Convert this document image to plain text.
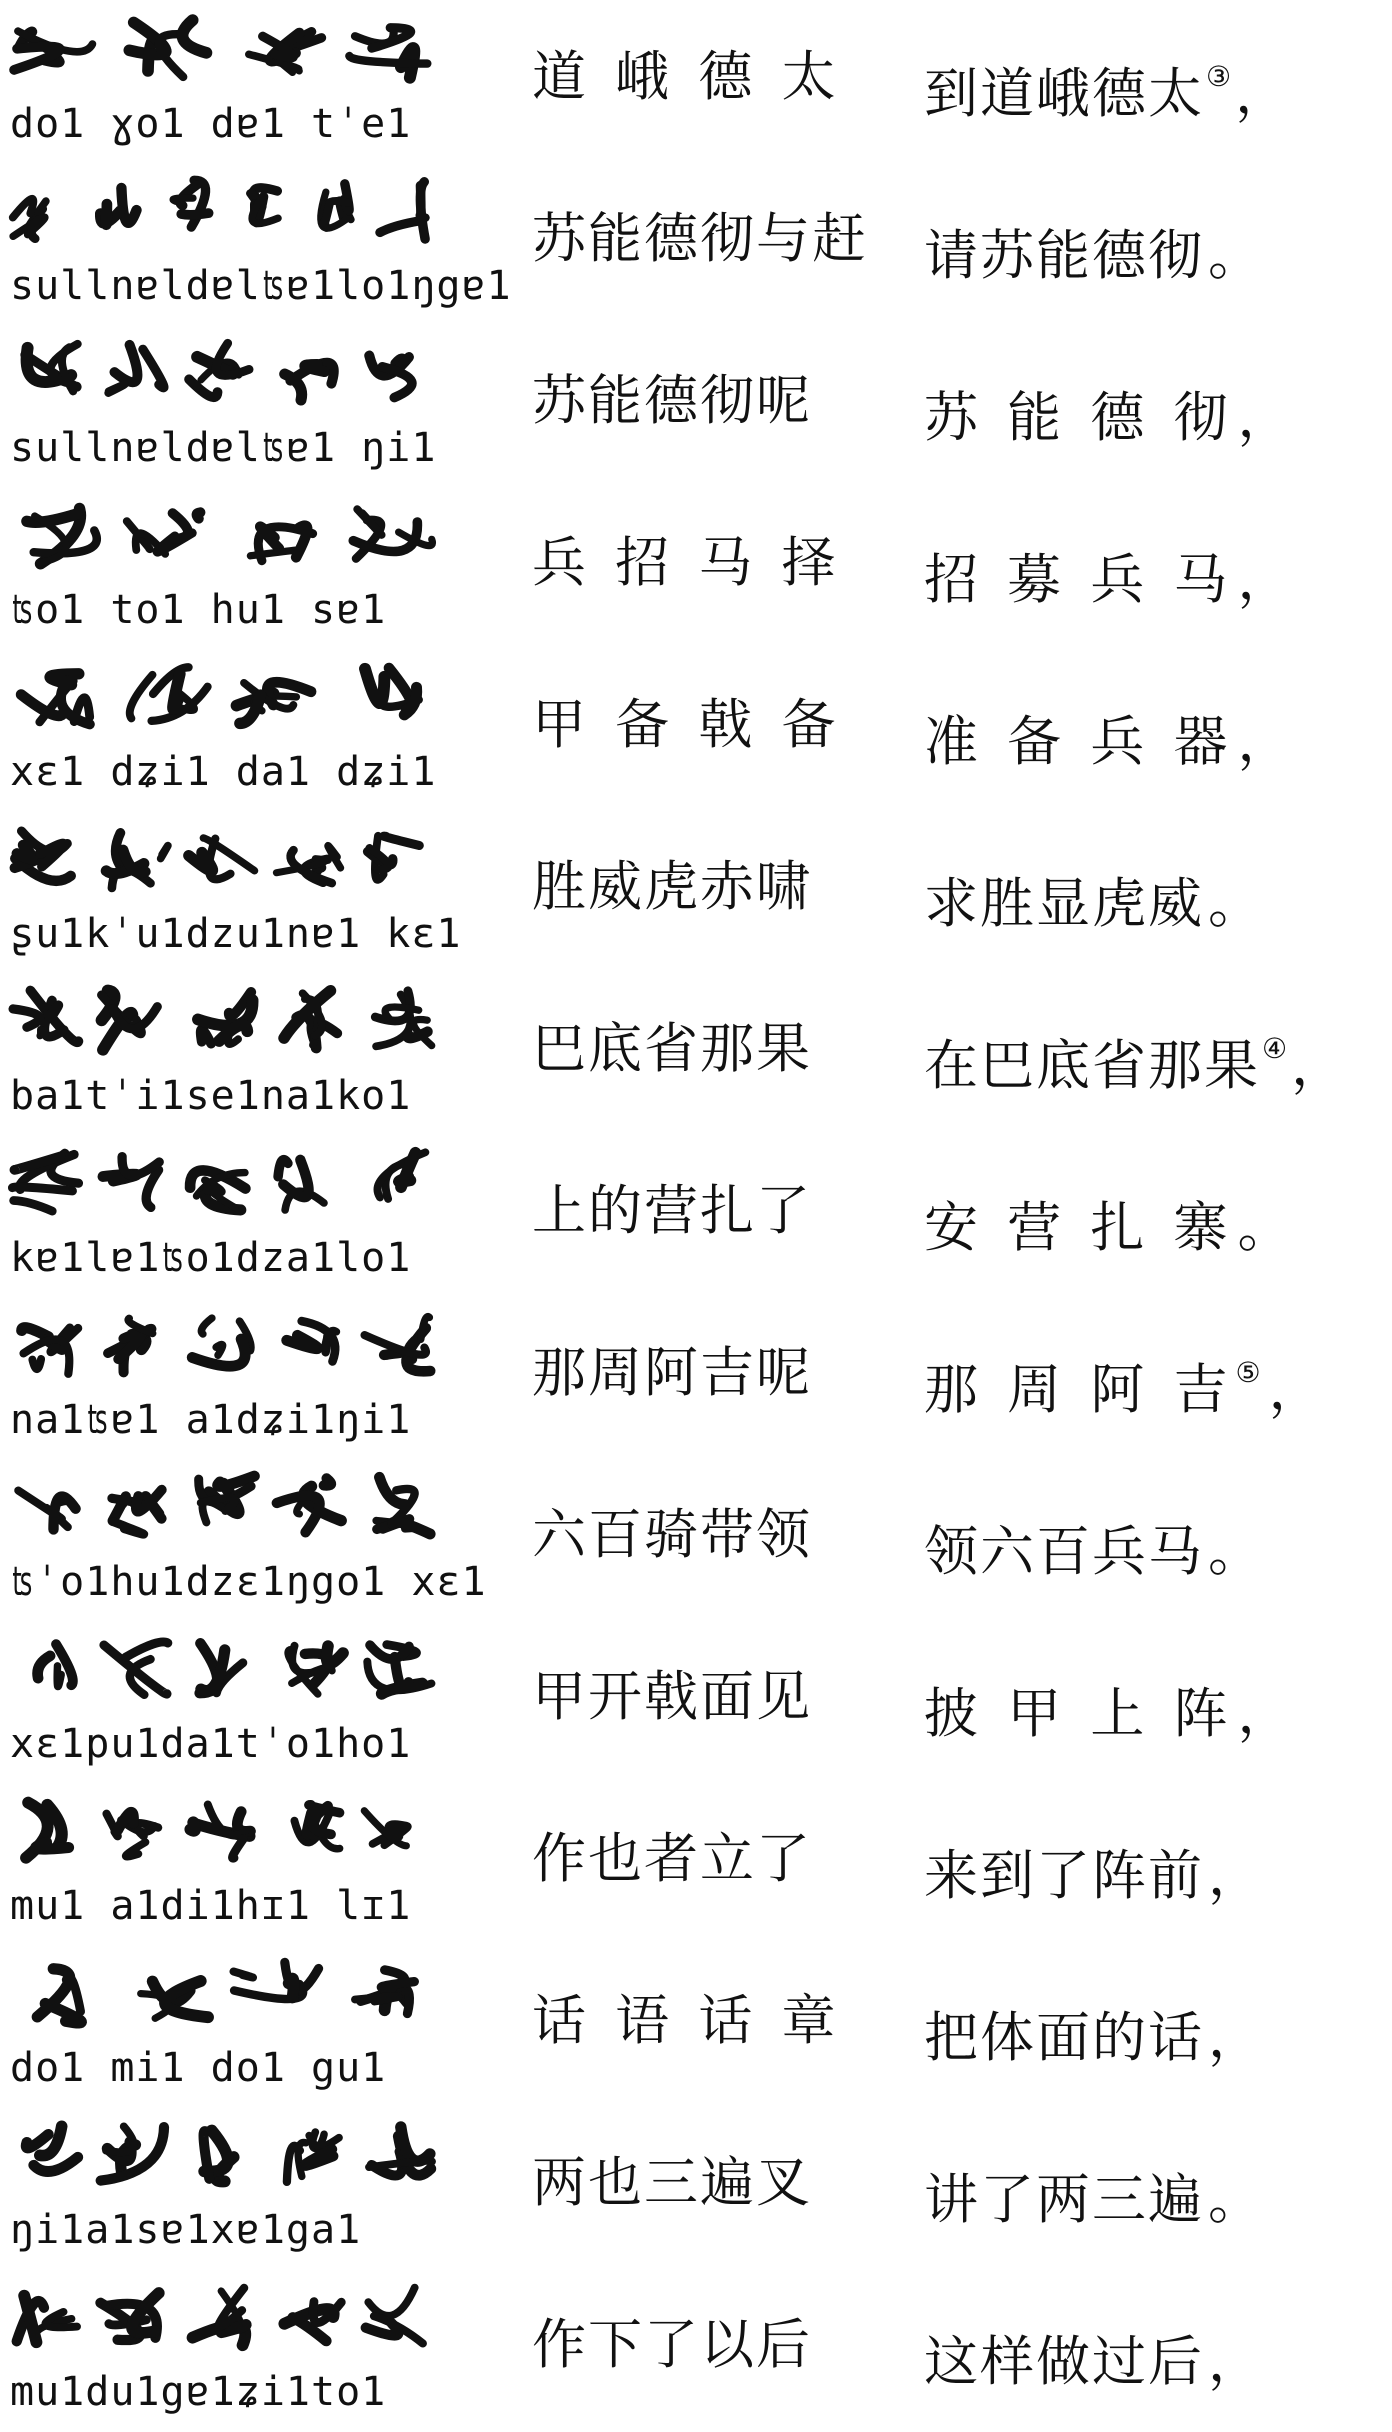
do1 ɣo1 dɐ1 tˈe1
道 峨 德 太 到道峨德太③，
sullnɐldɐlʦɐ1lo1ŋgɐ1
苏能德彻与赶 请苏能德彻。
sullnɐldɐlʦɐ1 ŋi1
苏能德彻呢 苏 能 德 彻，
ʦo1 to1 hu1 sɐ1
兵 招 马 择 招 募 兵 马，
xɛ1 dʑi1 da1 dʑi1
甲 备 戟 备 准 备 兵 器，
ʂu1kˈu1dzu1nɐ1 kɛ1
胜威虎赤啸 求胜显虎威。
ba1tˈi1se1na1ko1
巴底省那果 在巴底省那果④，
kɐ1lɐ1ʦo1dza1lo1
上的营扎了 安 营 扎 寨。
na1ʦɐ1 a1dʑi1ŋi1
那周阿吉呢 那 周 阿 吉⑤，
ʦˈo1hu1dzɛ1ŋgo1 xɛ1
六百骑带领 领六百兵马。
xɛ1pu1da1tˈo1ho1
甲开戟面见 披 甲 上 阵，
mu1 a1di1hɪ1 lɪ1
作也者立了 来到了阵前，
do1 mi1 do1 gu1
话 语 话 章 把体面的话，
ŋi1a1sɐ1xɐ1ga1
两也三遍叉 讲了两三遍。
mu1du1gɐ1ʑi1to1
作下了以后 这样做过后，
